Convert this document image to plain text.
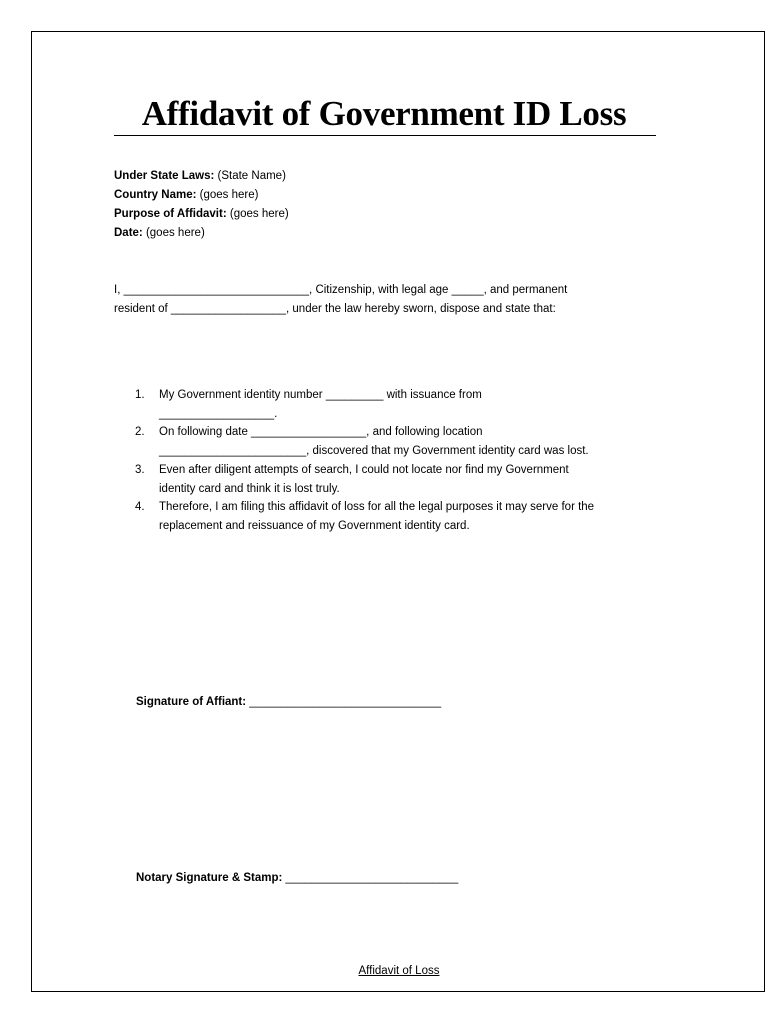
Affidavit of Government ID Loss
Under State Laws: (State Name)
Country Name: (goes here)
Purpose of Affidavit: (goes here)
Date: (goes here)
I, _____________________________, Citizenship, with legal age _____, and permanent
resident of __________________, under the law hereby sworn, dispose and state that:
1. My Government identity number _________ with issuance from
__________________.
2. On following date __________________, and following location
_______________________, discovered that my Government identity card was lost.
3. Even after diligent attempts of search, I could not locate nor find my Government
identity card and think it is lost truly.
4. Therefore, I am filing this affidavit of loss for all the legal purposes it may serve for the
replacement and reissuance of my Government identity card.
Signature of Affiant: ______________________________
Notary Signature & Stamp: ___________________________
Affidavit of Loss
